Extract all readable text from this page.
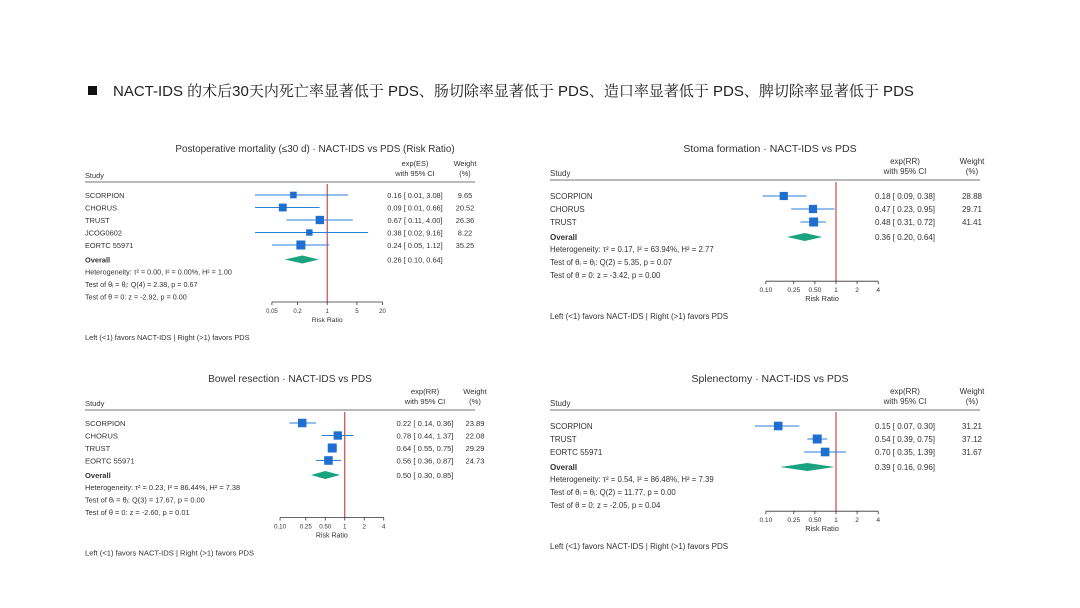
NACT-IDS 的术后30天内死亡率显著低于 PDS、肠切除率显著低于 PDS、造口率显著低于 PDS、脾切除率显著低于 PDS
Postoperative mortality (≤30 d) · NACT-IDS vs PDS (Risk Ratio)
exp(ES)
with 95% CI
Weight
(%)
Study
SCORPION	0.16 [ 0.01, 3.08] 9.65
CHORUS	0.09 [ 0.01, 0.66] 20.52
TRUST	0.67 [ 0.11, 4.00] 26.36
JCOG0602	0.38 [ 0.02, 9.16] 8.22
EORTC 55971	0.24 [ 0.05, 1.12] 35.25
Overall	0.26 [ 0.10, 0.64]
Heterogeneity: τ² = 0.00, I² = 0.00%, H² = 1.00
Test of θᵢ = θⱼ: Q(4) = 2.38, p = 0.67
Test of θ = 0: z = -2.92, p = 0.00
0.05	0.2	1	5	20
Risk Ratio
Left (<1) favors NACT-IDS | Right (>1) favors PDS
Stoma formation · NACT-IDS vs PDS
exp(RR)
with 95% CI
Weight
(%)
Study
SCORPION	0.18 [ 0.09, 0.38]	28.88
CHORUS	0.47 [ 0.23, 0.95]	29.71
TRUST	0.48 [ 0.31, 0.72]	41.41
Overall	0.36 [ 0.20, 0.64]
Heterogeneity: τ² = 0.17, I² = 63.94%, H² = 2.77
Test of θᵢ = θⱼ: Q(2) = 5.35, p = 0.07
Test of θ = 0: z = -3.42, p = 0.00
0.10 0.25 0.50 1	2	4
Risk Ratio
Left (<1) favors NACT-IDS | Right (>1) favors PDS
Bowel resection · NACT-IDS vs PDS
exp(RR)
with 95% CI
Weight
(%)
Study
SCORPION	0.22 [ 0.14, 0.36] 23.89
CHORUS	0.78 [ 0.44, 1.37] 22.08
TRUST	0.64 [ 0.55, 0.75] 29.29
EORTC 55971	0.56 [ 0.36, 0.87] 24.73
Overall	0.50 [ 0.30, 0.85]
Heterogeneity: τ² = 0.23, I² = 86.44%, H² = 7.38
Test of θᵢ = θⱼ: Q(3) = 17.67, p = 0.00
Test of θ = 0: z = -2.60, p = 0.01
0.10 0.25 0.50 1	2	4
Risk Ratio
Left (<1) favors NACT-IDS | Right (>1) favors PDS
Splenectomy · NACT-IDS vs PDS
exp(RR)
with 95% CI
Weight
(%)
Study
SCORPION	0.15 [ 0.07, 0.30]	31.21
TRUST	0.54 [ 0.39, 0.75]	37.12
EORTC 55971	0.70 [ 0.35, 1.39]	31.67
Overall	0.39 [ 0.16, 0.96]
Heterogeneity: τ² = 0.54, I² = 86.48%, H² = 7.39
Test of θᵢ = θⱼ: Q(2) = 11.77, p = 0.00
Test of θ = 0: z = -2.05, p = 0.04
0.10 0.25 0.50 1	2	4
Risk Ratio
Left (<1) favors NACT-IDS | Right (>1) favors PDS
